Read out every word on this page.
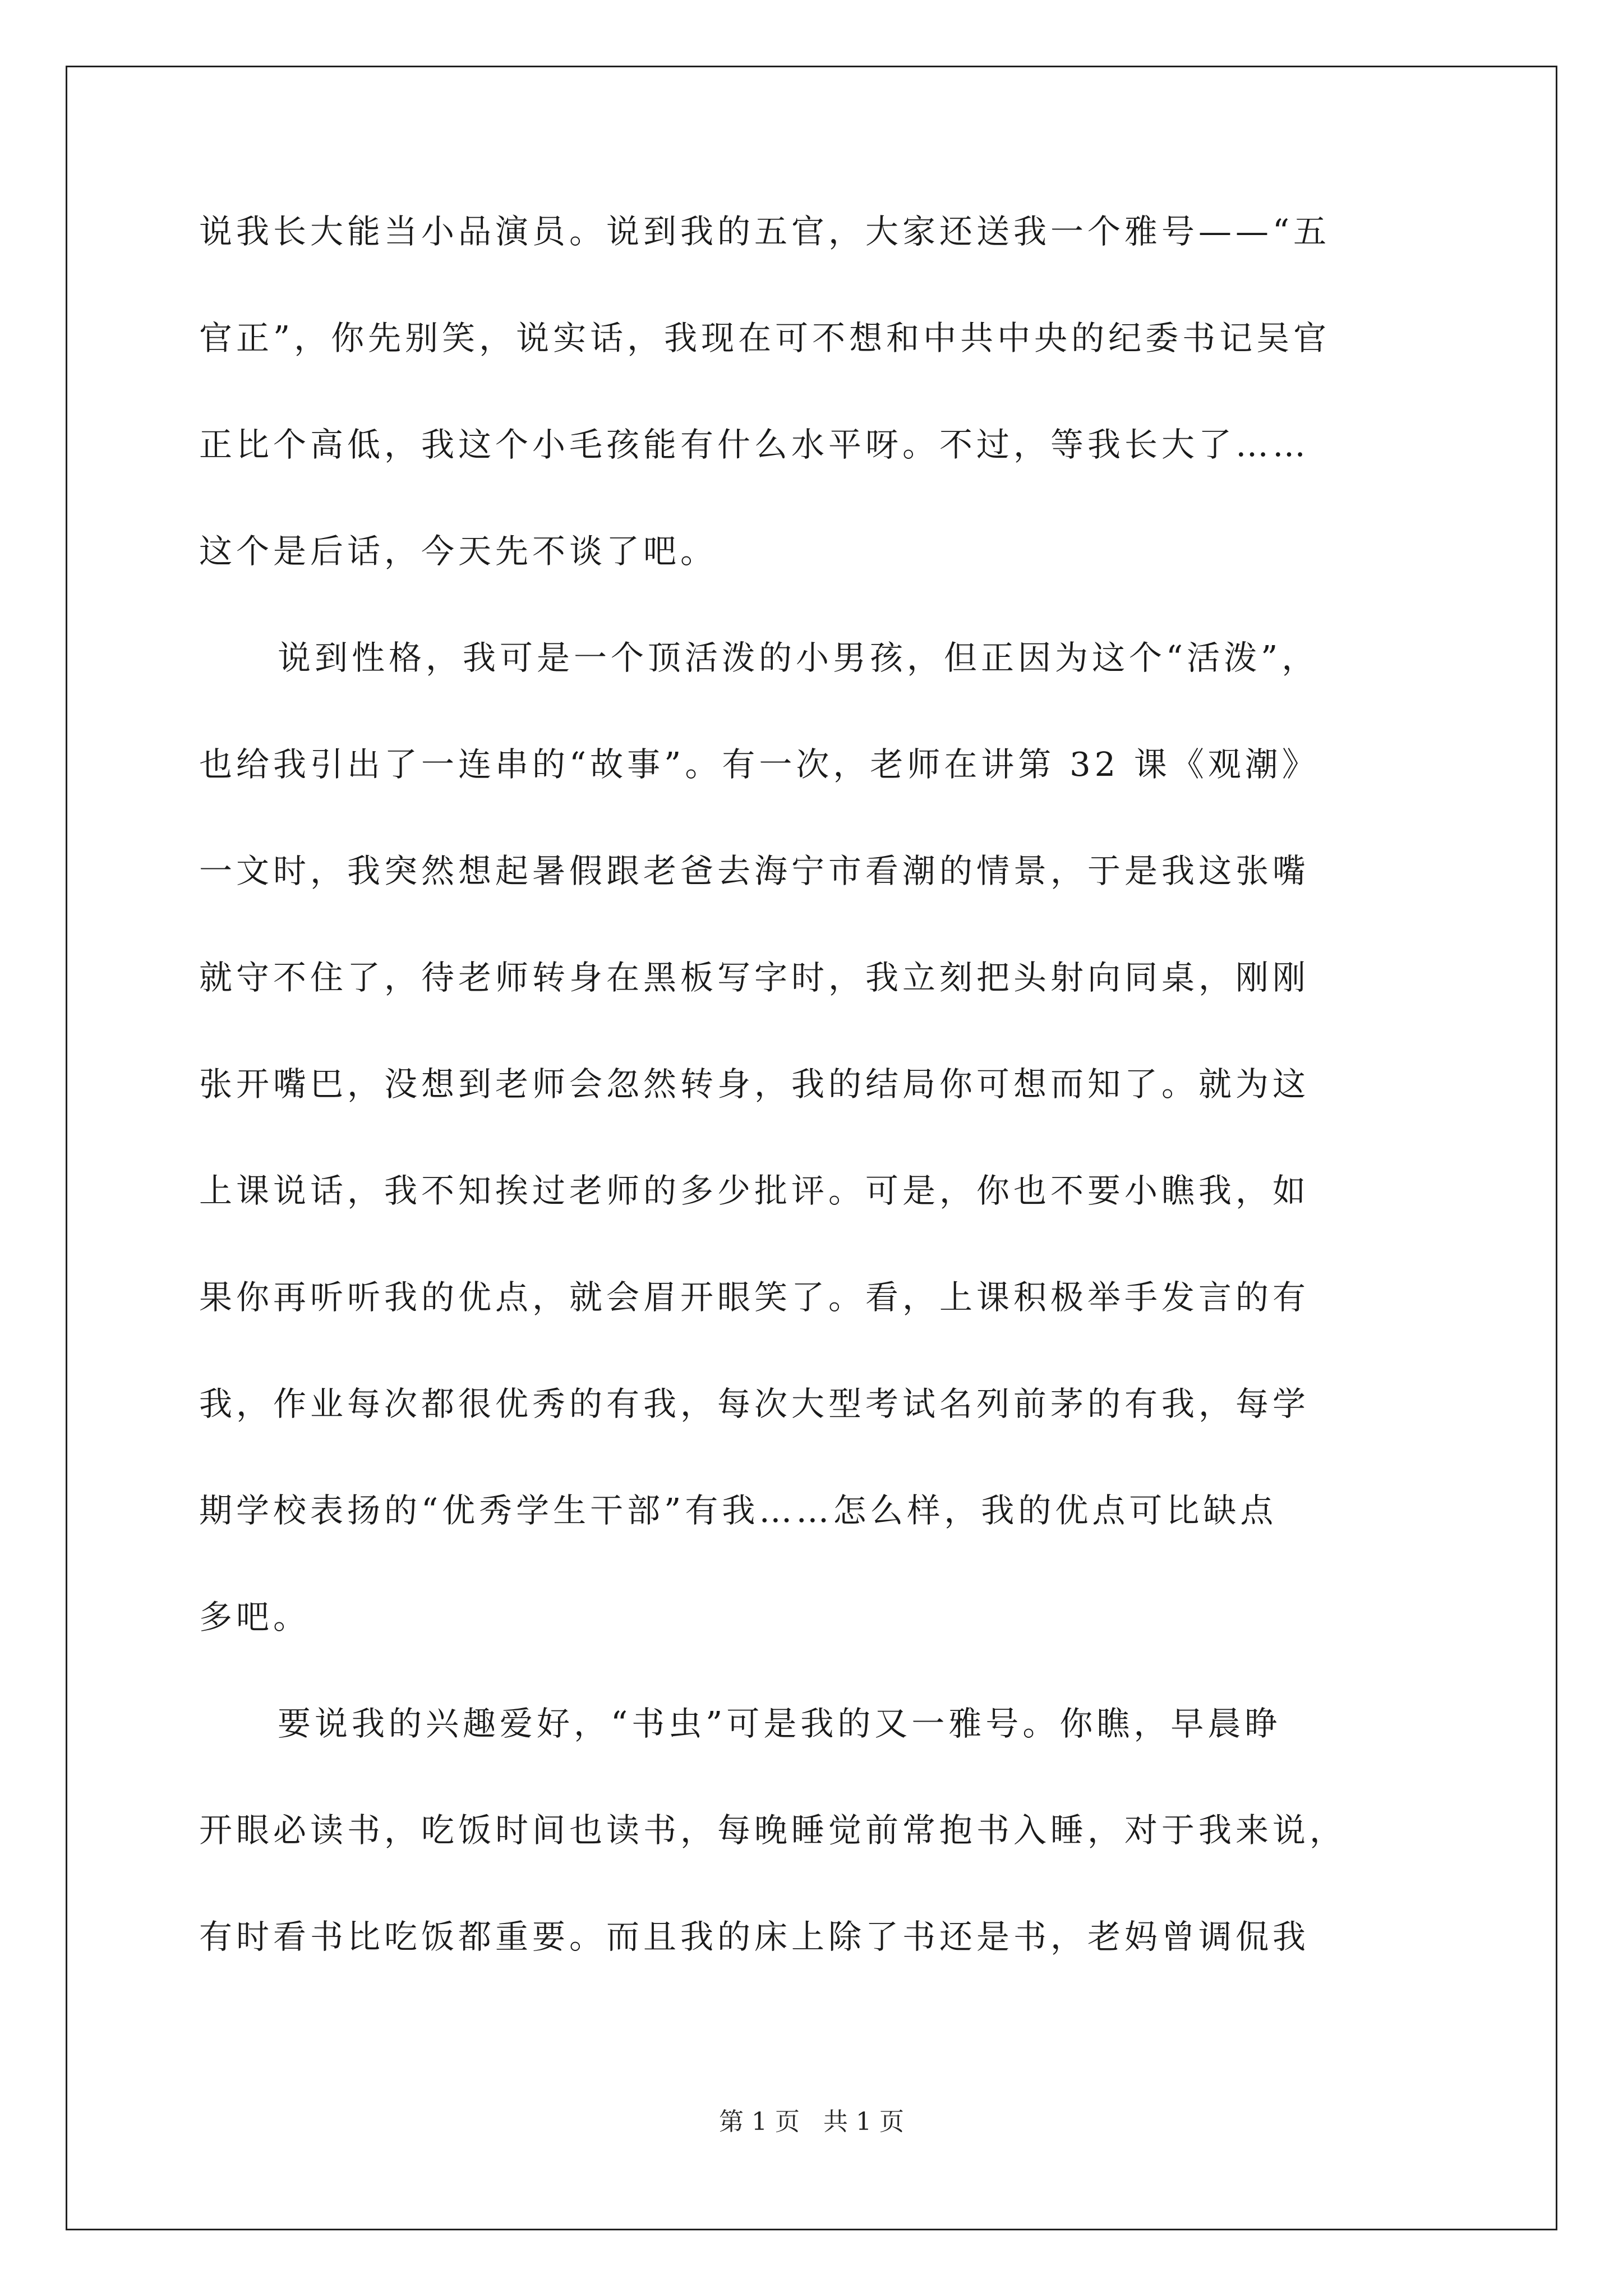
说我长大能当小品演员。说到我的五官，大家还送我一个雅号——“五
官正”，你先别笑，说实话，我现在可不想和中共中央的纪委书记吴官
正比个高低，我这个小毛孩能有什么水平呀。不过，等我长大了……
这个是后话，今天先不谈了吧。
说到性格，我可是一个顶活泼的小男孩，但正因为这个“活泼”，
也给我引出了一连串的“故事”。有一次，老师在讲第 32 课《观潮》
一文时，我突然想起暑假跟老爸去海宁市看潮的情景，于是我这张嘴
就守不住了，待老师转身在黑板写字时，我立刻把头射向同桌，刚刚
张开嘴巴，没想到老师会忽然转身，我的结局你可想而知了。就为这
上课说话，我不知挨过老师的多少批评。可是，你也不要小瞧我，如
果你再听听我的优点，就会眉开眼笑了。看，上课积极举手发言的有
我，作业每次都很优秀的有我，每次大型考试名列前茅的有我，每学
期学校表扬的“优秀学生干部”有我……怎么样，我的优点可比缺点
多吧。
要说我的兴趣爱好，“书虫”可是我的又一雅号。你瞧，早晨睁
开眼必读书，吃饭时间也读书，每晚睡觉前常抱书入睡，对于我来说，
有时看书比吃饭都重要。而且我的床上除了书还是书，老妈曾调侃我
第 1 页   共 1 页
